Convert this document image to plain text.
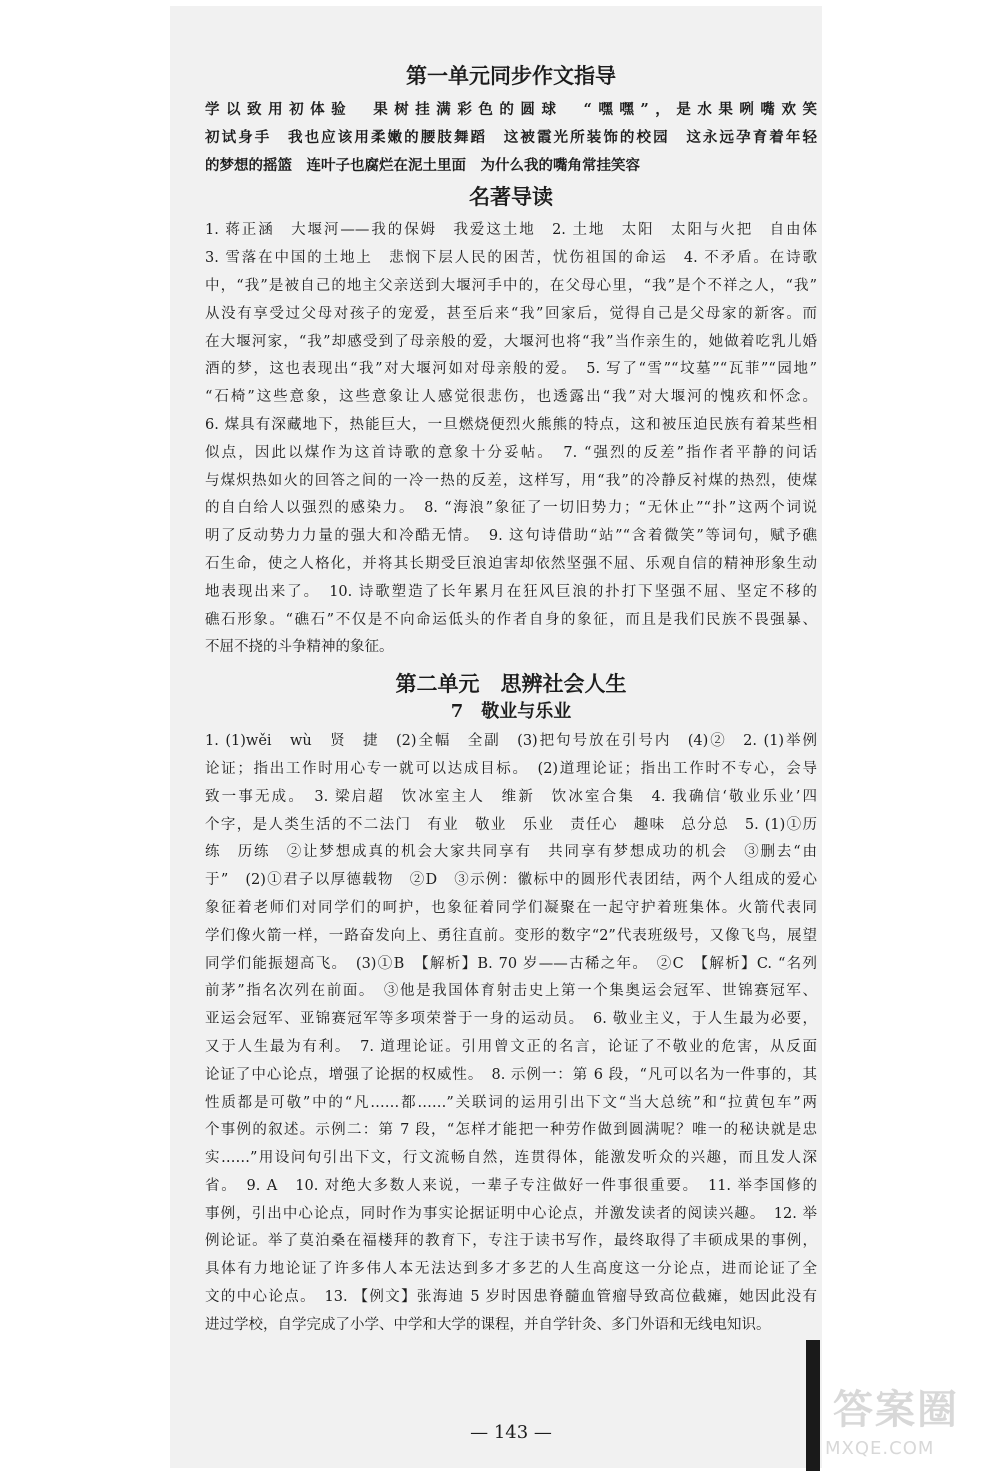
第一单元同步作文指导
学以致用初体验　果树挂满彩色的圆球　“嘿嘿”，是水果咧嘴欢笑
初试身手　我也应该用柔嫩的腰肢舞蹈　这被霞光所装饰的校园　这永远孕育着年轻
的梦想的摇篮　连叶子也腐烂在泥土里面　为什么我的嘴角常挂笑容
名著导读
1. 蒋正涵　大堰河——我的保姆　我爱这土地　2. 土地　太阳　太阳与火把　自由体
3. 雪落在中国的土地上　悲悯下层人民的困苦，忧伤祖国的命运　4. 不矛盾。在诗歌
中，“我”是被自己的地主父亲送到大堰河手中的，在父母心里，“我”是个不祥之人，“我”
从没有享受过父母对孩子的宠爱，甚至后来“我”回家后，觉得自己是父母家的新客。而
在大堰河家，“我”却感受到了母亲般的爱，大堰河也将“我”当作亲生的，她做着吃乳儿婚
酒的梦，这也表现出“我”对大堰河如对母亲般的爱。　5. 写了“雪”“坟墓”“瓦菲”“园地”
“石椅”这些意象，这些意象让人感觉很悲伤，也透露出“我”对大堰河的愧疚和怀念。
6. 煤具有深藏地下，热能巨大，一旦燃烧便烈火熊熊的特点，这和被压迫民族有着某些相
似点，因此以煤作为这首诗歌的意象十分妥帖。　7. “强烈的反差”指作者平静的问话
与煤炽热如火的回答之间的一冷一热的反差，这样写，用“我”的冷静反衬煤的热烈，使煤
的自白给人以强烈的感染力。　8. “海浪”象征了一切旧势力；“无休止”“扑”这两个词说
明了反动势力力量的强大和冷酷无情。　9. 这句诗借助“站”“含着微笑”等词句，赋予礁
石生命，使之人格化，并将其长期受巨浪迫害却依然坚强不屈、乐观自信的精神形象生动
地表现出来了。　10. 诗歌塑造了长年累月在狂风巨浪的扑打下坚强不屈、坚定不移的
礁石形象。“礁石”不仅是不向命运低头的作者自身的象征，而且是我们民族不畏强暴、
不屈不挠的斗争精神的象征。
第二单元　思辨社会人生
7　敬业与乐业
1. (1)wěi　wù　贤　捷　(2)全幅　全副　(3)把句号放在引号内　(4)②　2. (1)举例
论证；指出工作时用心专一就可以达成目标。　(2)道理论证；指出工作时不专心，会导
致一事无成。　3. 梁启超　饮冰室主人　维新　饮冰室合集　4. 我确信‘敬业乐业’四
个字，是人类生活的不二法门　有业　敬业　乐业　责任心　趣味　总分总　5. (1)①历
练　历练　②让梦想成真的机会大家共同享有　共同享有梦想成功的机会　③删去“由
于”　(2)①君子以厚德载物　②D　③示例：徽标中的圆形代表团结，两个人组成的爱心
象征着老师们对同学们的呵护，也象征着同学们凝聚在一起守护着班集体。火箭代表同
学们像火箭一样，一路奋发向上、勇往直前。变形的数字“2”代表班级号，又像飞鸟，展望
同学们能振翅高飞。　(3)①B　【解析】B. 70 岁——古稀之年。　②C　【解析】C. “名列
前茅”指名次列在前面。　③他是我国体育射击史上第一个集奥运会冠军、世锦赛冠军、
亚运会冠军、亚锦赛冠军等多项荣誉于一身的运动员。　6. 敬业主义，于人生最为必要，
又于人生最为有利。　7. 道理论证。引用曾文正的名言，论证了不敬业的危害，从反面
论证了中心论点，增强了论据的权威性。　8. 示例一：第 6 段，“凡可以名为一件事的，其
性质都是可敬”中的“凡……都……”关联词的运用引出下文“当大总统”和“拉黄包车”两
个事例的叙述。示例二：第 7 段，“怎样才能把一种劳作做到圆满呢？唯一的秘诀就是忠
实……”用设问句引出下文，行文流畅自然，连贯得体，能激发听众的兴趣，而且发人深
省。　9. A　10. 对绝大多数人来说，一辈子专注做好一件事很重要。　11. 举李国修的
事例，引出中心论点，同时作为事实论据证明中心论点，并激发读者的阅读兴趣。　12. 举
例论证。举了莫泊桑在福楼拜的教育下，专注于读书写作，最终取得了丰硕成果的事例，
具体有力地论证了许多伟人本无法达到多才多艺的人生高度这一分论点，进而论证了全
文的中心论点。　13. 【例文】张海迪 5 岁时因患脊髓血管瘤导致高位截瘫，她因此没有
进过学校，自学完成了小学、中学和大学的课程，并自学针灸、多门外语和无线电知识。
— 143 —	答案圈
MXQE.COM
